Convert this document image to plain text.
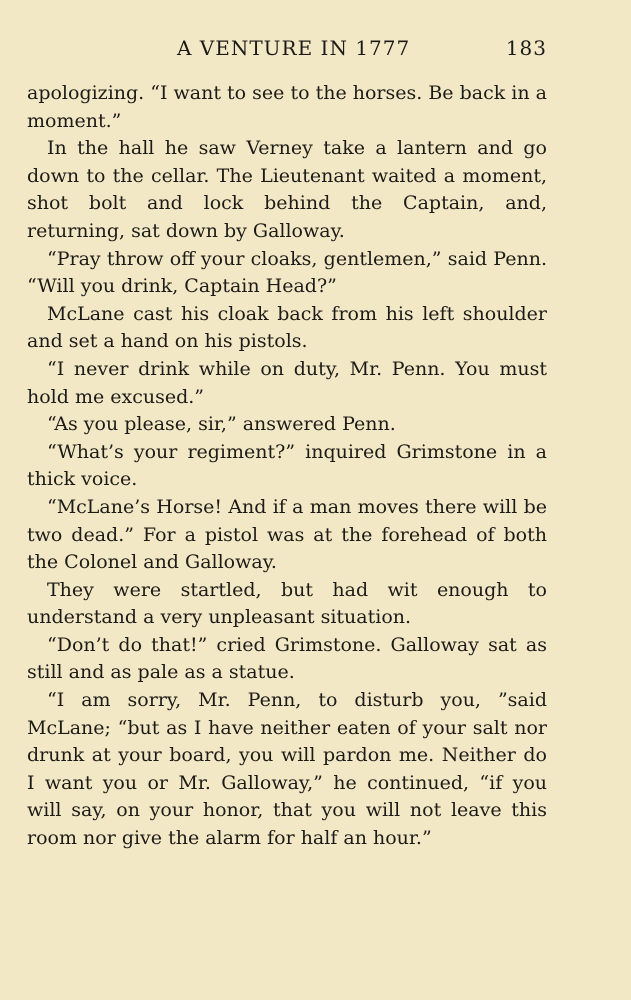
A VENTURE IN 1777	183

apologizing. “I want to see to the horses. Be back in a moment.”

In the hall he saw Verney take a lantern and go down to the cellar. The Lieutenant waited a moment, shot bolt and lock behind the Captain, and, returning, sat down by Galloway.

“Pray throw off your cloaks, gentlemen,” said Penn. “Will you drink, Captain Head?”

McLane cast his cloak back from his left shoulder and set a hand on his pistols.

“I never drink while on duty, Mr. Penn. You must hold me excused.”

“As you please, sir,” answered Penn.

“What’s your regiment?” inquired Grimstone in a thick voice.

“McLane’s Horse! And if a man moves there will be two dead.” For a pistol was at the forehead of both the Colonel and Galloway.

They were startled, but had wit enough to understand a very unpleasant situation.

“Don’t do that!” cried Grimstone. Galloway sat as still and as pale as a statue.

“I am sorry, Mr. Penn, to disturb you, ”said McLane; “but as I have neither eaten of your salt nor drunk at your board, you will pardon me. Neither do I want you or Mr. Galloway,” he continued, “if you will say, on your honor, that you will not leave this room nor give the alarm for half an hour.”
